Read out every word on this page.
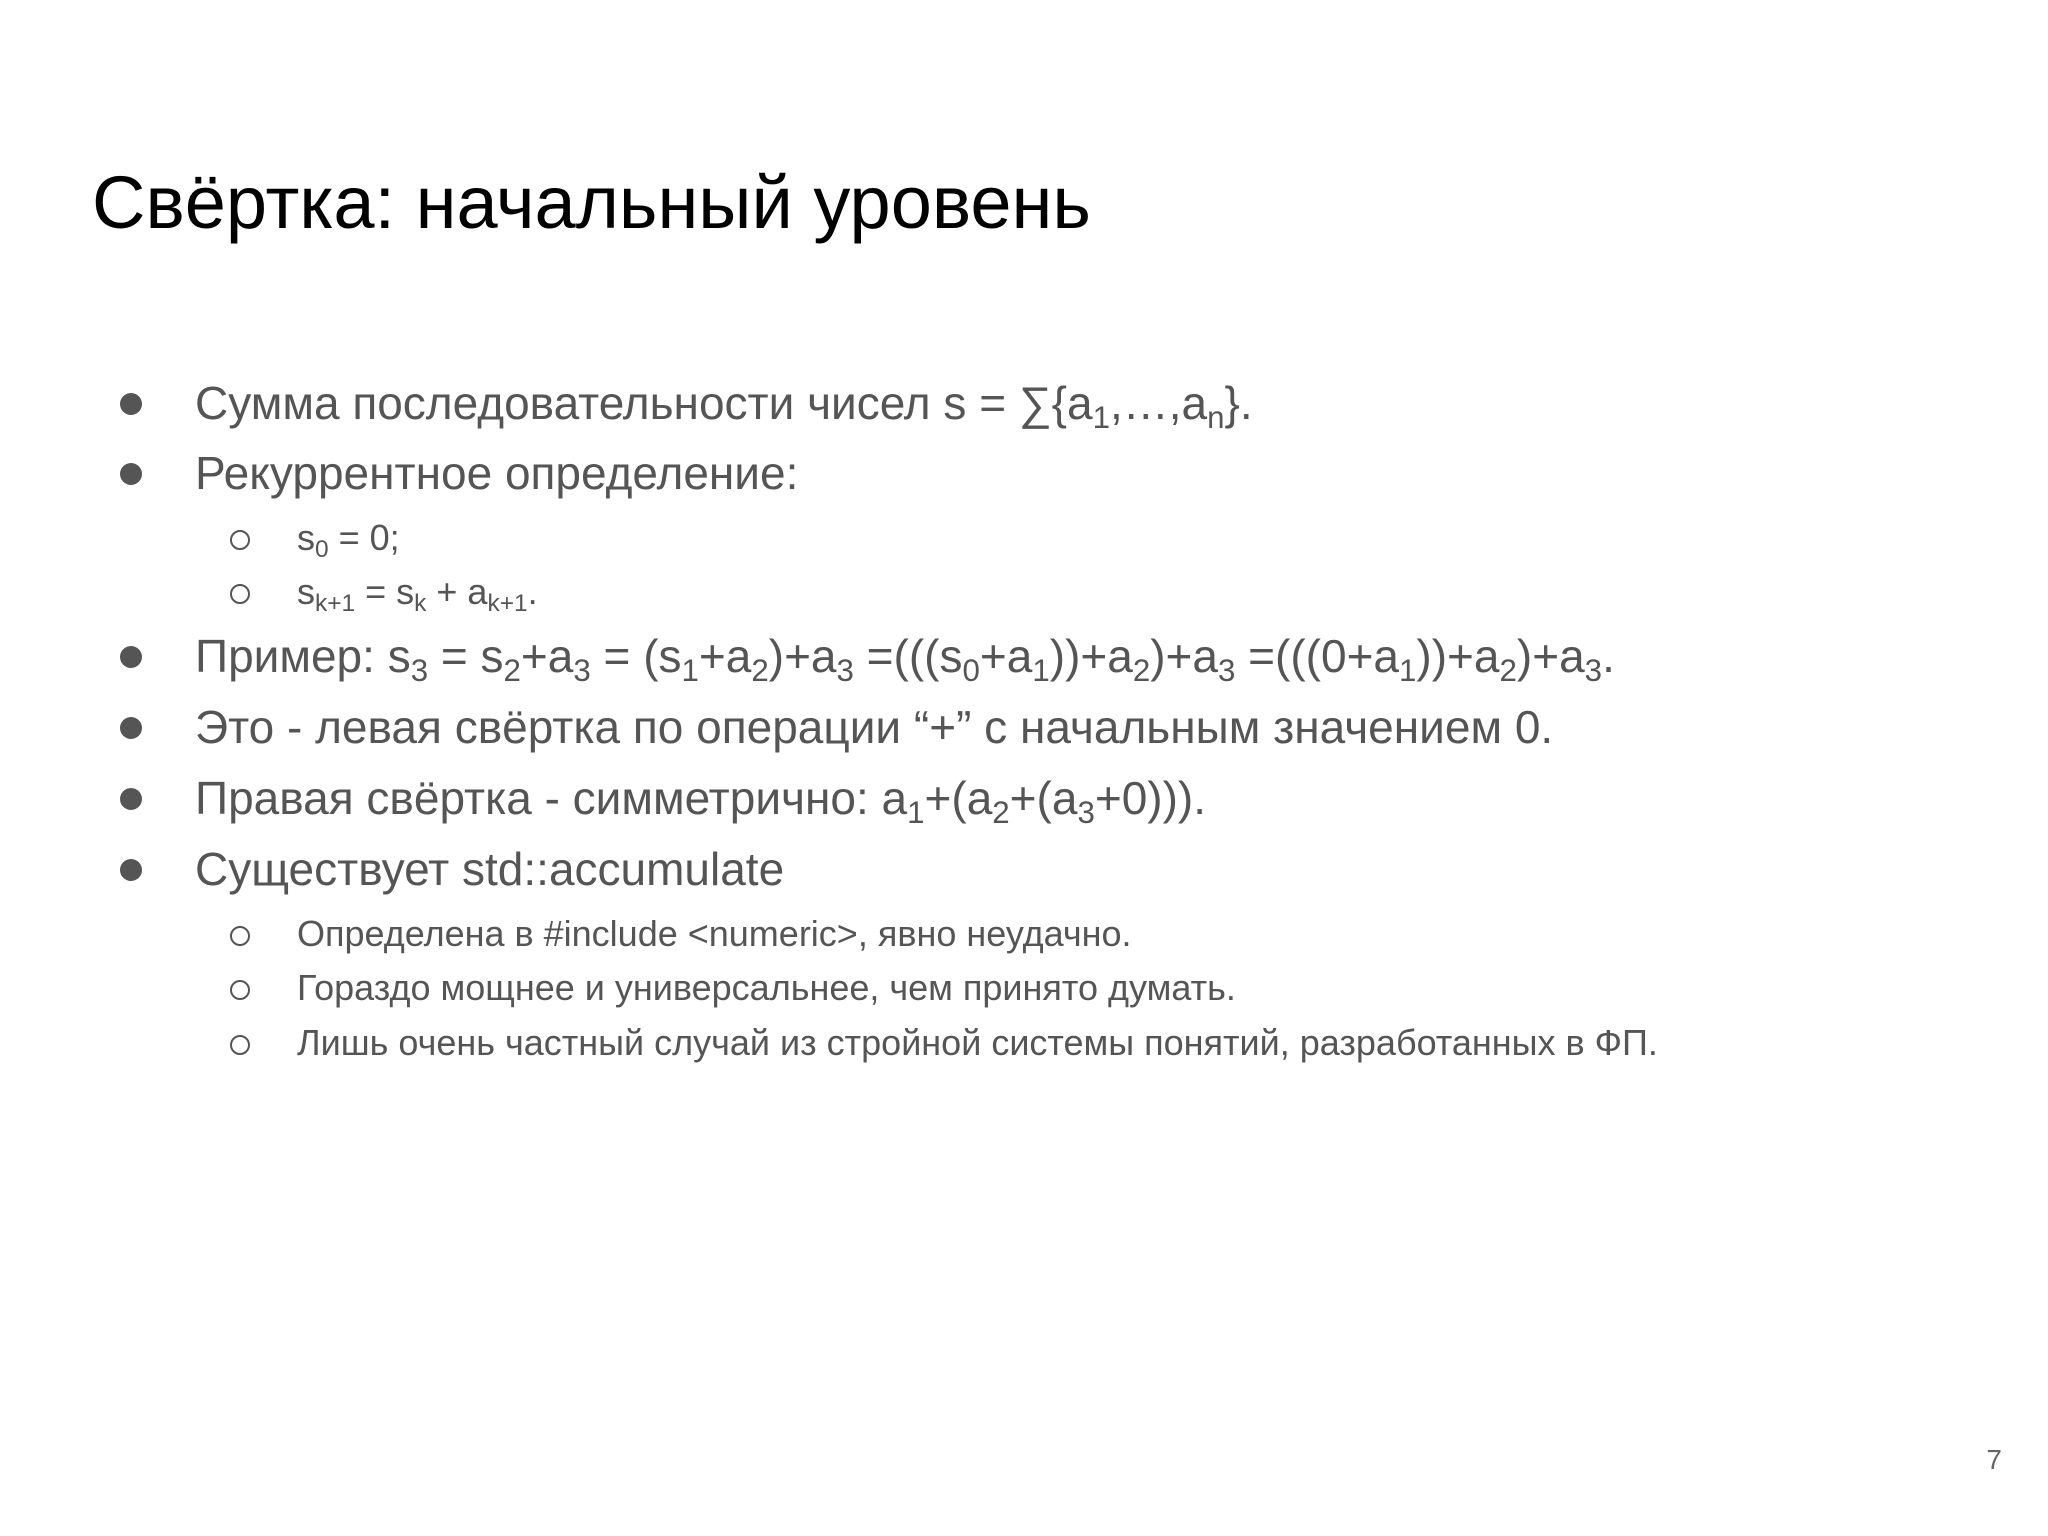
Свёртка: начальный уровень
Сумма последовательности чисел $s = \sum\{a_1,\dots,a_n\}$.
Рекуррентное определение:
$s_0 = 0$;
$s_{k+1} = s_k + a_{k+1}$.
Пример: $s_3 = s_2+a_3 = (s_1+a_2)+a_3 =(((s_0+a_1))+a_2)+a_3 =(((0+a_1))+a_2)+a_3$.
Это - левая свёртка по операции “+” с начальным значением 0.
Правая свёртка - симметрично: $a_1+(a_2+(a_3+0))$).
Существует std::accumulate
Определена в #include <numeric>, явно неудачно.
Гораздо мощнее и универсальнее, чем принято думать.
Лишь очень частный случай из стройной системы понятий, разработанных в ФП.
7
